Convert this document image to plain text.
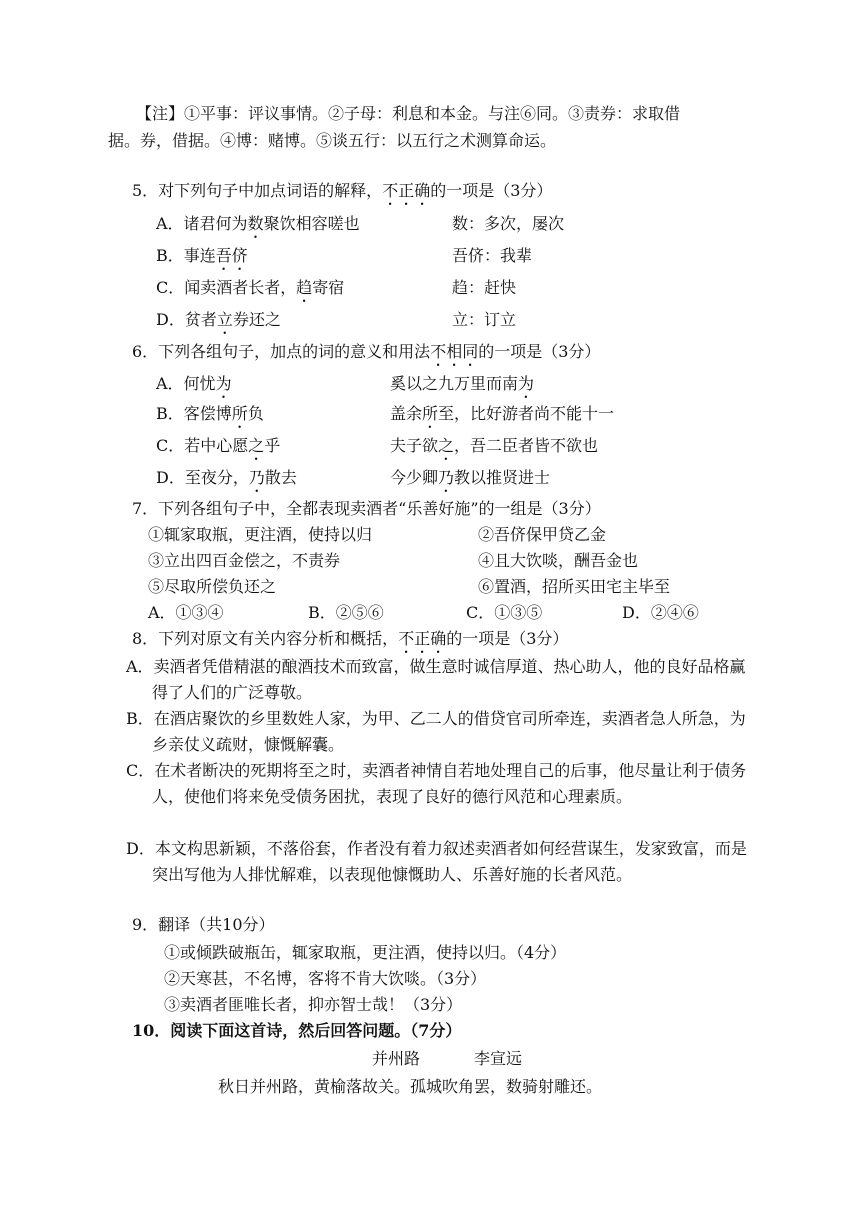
【注】①平事：评议事情。②子母：利息和本金。与注⑥同。③责券：求取借据。券，借据。④博：赌博。⑤谈五行：以五行之术测算命运。
5．对下列句子中加点词语的解释，不正确的一项是（3分）
A．诸君何为数聚饮相容嗟也	数：多次，屡次
B．事连吾侪	吾侪：我辈
C．闻卖酒者长者，趋寄宿	趋：赶快
D．贫者立券还之	立：订立
6．下列各组句子，加点的词的意义和用法不相同的一项是（3分）
A．何忧为	奚以之九万里而南为
B．客偿博所负	盖余所至，比好游者尚不能十一
C．若中心愿之乎	夫子欲之，吾二臣者皆不欲也
D．至夜分，乃散去	今少卿乃教以推贤进士
7．下列各组句子中，全都表现卖酒者“乐善好施”的一组是（3分）
①辄家取瓶，更注酒，使持以归	②吾侪保甲贷乙金
③立出四百金偿之，不责券	④且大饮啖，酬吾金也
⑤尽取所偿负还之	⑥置酒，招所买田宅主毕至
A．①③④	B．②⑤⑥	C．①③⑤	D．②④⑥
8．下列对原文有关内容分析和概括，不正确的一项是（3分）
A．卖酒者凭借精湛的酿酒技术而致富，做生意时诚信厚道、热心助人，他的良好品格赢得了人们的广泛尊敬。
B．在酒店聚饮的乡里数姓人家，为甲、乙二人的借贷官司所牵连，卖酒者急人所急，为乡亲仗义疏财，慷慨解囊。
C．在术者断决的死期将至之时，卖酒者神情自若地处理自己的后事，他尽量让利于债务人，使他们将来免受债务困扰，表现了良好的德行风范和心理素质。
D．本文构思新颖，不落俗套，作者没有着力叙述卖酒者如何经营谋生，发家致富，而是突出写他为人排忧解难，以表现他慷慨助人、乐善好施的长者风范。
9．翻译（共10分）
①或倾跌破瓶缶，辄家取瓶，更注酒，使持以归。（4分）
②天寒甚，不名博，客将不肯大饮啖。（3分）
③卖酒者匪唯长者，抑亦智士哉！（3分）
10．阅读下面这首诗，然后回答问题。（7分）
并州路	李宣远
秋日并州路，黄榆落故关。孤城吹角罢，数骑射雕还。
